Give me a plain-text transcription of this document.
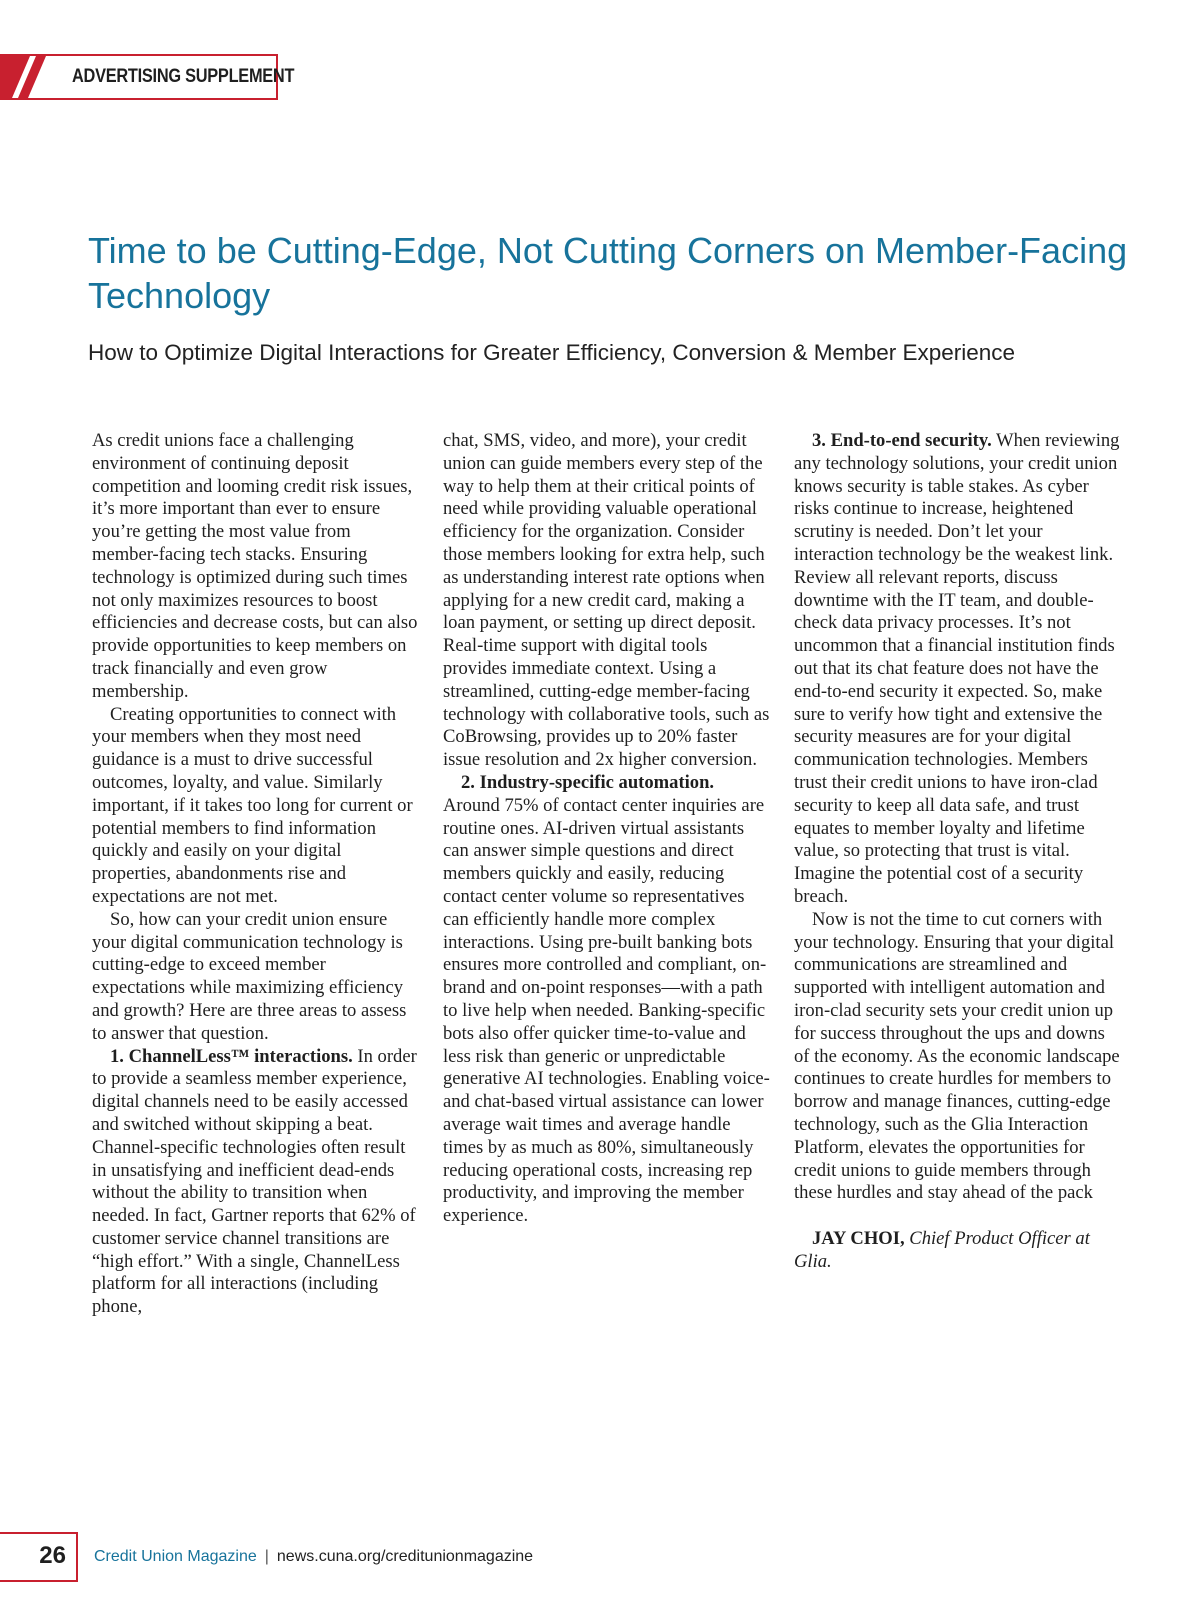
ADVERTISING SUPPLEMENT
Time to be Cutting-Edge, Not Cutting Corners on Member-Facing Technology
How to Optimize Digital Interactions for Greater Efficiency, Conversion & Member Experience

As credit unions face a challenging environment of continuing deposit competition and looming credit risk issues, it’s more important than ever to ensure you’re getting the most value from member-facing tech stacks. Ensuring technology is optimized during such times not only maximizes resources to boost efficiencies and decrease costs, but can also provide opportunities to keep members on track financially and even grow membership.

Creating opportunities to connect with your members when they most need guidance is a must to drive successful outcomes, loyalty, and value. Similarly important, if it takes too long for current or potential members to find information quickly and easily on your digital properties, abandonments rise and expectations are not met.

So, how can your credit union ensure your digital communication technology is cutting-edge to exceed member expectations while maximizing efficiency and growth? Here are three areas to assess to answer that question.

1. ChannelLess™ interactions. In order to provide a seamless member experience, digital channels need to be easily accessed and switched without skipping a beat. Channel-specific technologies often result in unsatisfying and inefficient dead-ends without the ability to transition when needed. In fact, Gartner reports that 62% of customer service channel transitions are “high effort.” With a single, ChannelLess platform for all interactions (including phone,

chat, SMS, video, and more), your credit union can guide members every step of the way to help them at their critical points of need while providing valuable operational efficiency for the organization. Consider those members looking for extra help, such as understanding interest rate options when applying for a new credit card, making a loan payment, or setting up direct deposit. Real-time support with digital tools provides immediate context. Using a streamlined, cutting-edge member-facing technology with collaborative tools, such as CoBrowsing, provides up to 20% faster issue resolution and 2x higher conversion.

2. Industry-specific automation. Around 75% of contact center inquiries are routine ones. AI-driven virtual assistants can answer simple questions and direct members quickly and easily, reducing contact center volume so representatives can efficiently handle more complex interactions. Using pre-built banking bots ensures more controlled and compliant, on-brand and on-point responses—with a path to live help when needed. Banking-specific bots also offer quicker time-to-value and less risk than generic or unpredictable generative AI technologies. Enabling voice- and chat-based virtual assistance can lower average wait times and average handle times by as much as 80%, simultaneously reducing operational costs, increasing rep productivity, and improving the member experience.

3. End-to-end security. When reviewing any technology solutions, your credit union knows security is table stakes. As cyber risks continue to increase, heightened scrutiny is needed. Don’t let your interaction technology be the weakest link. Review all relevant reports, discuss downtime with the IT team, and double-check data privacy processes. It’s not uncommon that a financial institution finds out that its chat feature does not have the end-to-end security it expected. So, make sure to verify how tight and extensive the security measures are for your digital communication technologies. Members trust their credit unions to have iron-clad security to keep all data safe, and trust equates to member loyalty and lifetime value, so protecting that trust is vital. Imagine the potential cost of a security breach.

Now is not the time to cut corners with your technology. Ensuring that your digital communications are streamlined and supported with intelligent automation and iron-clad security sets your credit union up for success throughout the ups and downs of the economy. As the economic landscape continues to create hurdles for members to borrow and manage finances, cutting-edge technology, such as the Glia Interaction Platform, elevates the opportunities for credit unions to guide members through these hurdles and stay ahead of the pack

JAY CHOI, Chief Product Officer at Glia.

26 Credit Union Magazine | news.cuna.org/creditunionmagazine
